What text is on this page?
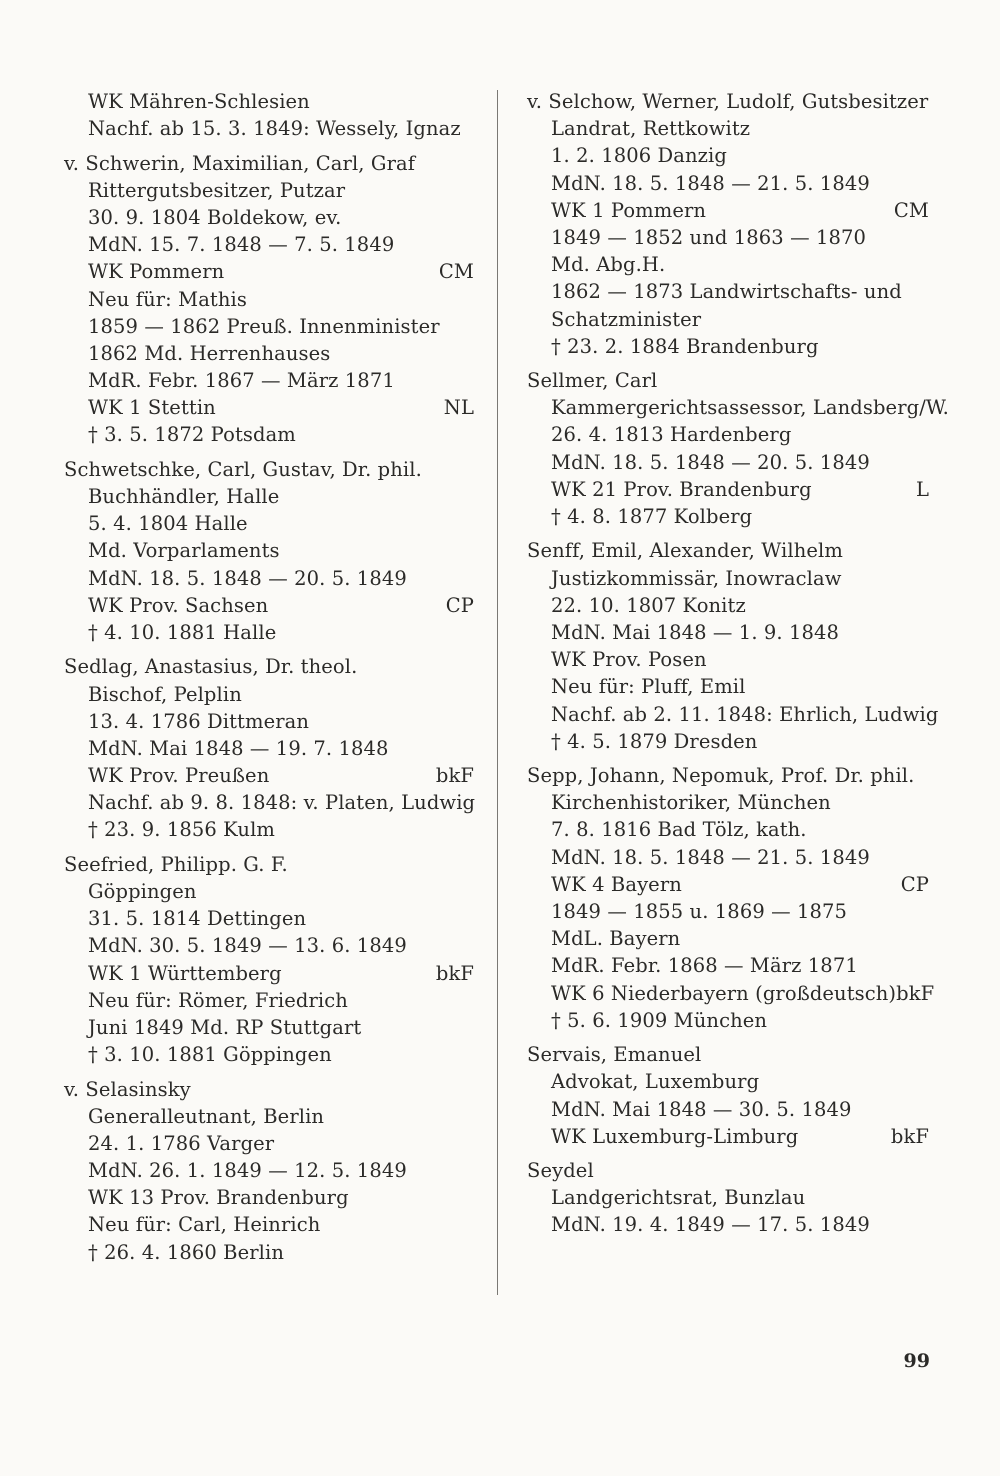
WK Mähren-Schlesien
Nachf. ab 15. 3. 1849: Wessely, Ignaz
v. Schwerin, Maximilian, Carl, Graf
Rittergutsbesitzer, Putzar
30. 9. 1804 Boldekow, ev.
MdN. 15. 7. 1848 — 7. 5. 1849
WK Pommern	CM
Neu für: Mathis
1859 — 1862 Preuß. Innenminister
1862 Md. Herrenhauses
MdR. Febr. 1867 — März 1871
WK 1 Stettin	NL
† 3. 5. 1872 Potsdam
Schwetschke, Carl, Gustav, Dr. phil.
Buchhändler, Halle
5. 4. 1804 Halle
Md. Vorparlaments
MdN. 18. 5. 1848 — 20. 5. 1849
WK Prov. Sachsen	CP
† 4. 10. 1881 Halle
Sedlag, Anastasius, Dr. theol.
Bischof, Pelplin
13. 4. 1786 Dittmeran
MdN. Mai 1848 — 19. 7. 1848
WK Prov. Preußen	bkF
Nachf. ab 9. 8. 1848: v. Platen, Ludwig
† 23. 9. 1856 Kulm
Seefried, Philipp. G. F.
Göppingen
31. 5. 1814 Dettingen
MdN. 30. 5. 1849 — 13. 6. 1849
WK 1 Württemberg	bkF
Neu für: Römer, Friedrich
Juni 1849 Md. RP Stuttgart
† 3. 10. 1881 Göppingen
v. Selasinsky
Generalleutnant, Berlin
24. 1. 1786 Varger
MdN. 26. 1. 1849 — 12. 5. 1849
WK 13 Prov. Brandenburg
Neu für: Carl, Heinrich
† 26. 4. 1860 Berlin
v. Selchow, Werner, Ludolf, Gutsbesitzer
Landrat, Rettkowitz
1. 2. 1806 Danzig
MdN. 18. 5. 1848 — 21. 5. 1849
WK 1 Pommern	CM
1849 — 1852 und 1863 — 1870
Md. Abg.H.
1862 — 1873 Landwirtschafts- und
Schatzminister
† 23. 2. 1884 Brandenburg
Sellmer, Carl
Kammergerichtsassessor, Landsberg/W.
26. 4. 1813 Hardenberg
MdN. 18. 5. 1848 — 20. 5. 1849
WK 21 Prov. Brandenburg	L
† 4. 8. 1877 Kolberg
Senff, Emil, Alexander, Wilhelm
Justizkommissär, Inowraclaw
22. 10. 1807 Konitz
MdN. Mai 1848 — 1. 9. 1848
WK Prov. Posen
Neu für: Pluff, Emil
Nachf. ab 2. 11. 1848: Ehrlich, Ludwig
† 4. 5. 1879 Dresden
Sepp, Johann, Nepomuk, Prof. Dr. phil.
Kirchenhistoriker, München
7. 8. 1816 Bad Tölz, kath.
MdN. 18. 5. 1848 — 21. 5. 1849
WK 4 Bayern	CP
1849 — 1855 u. 1869 — 1875
MdL. Bayern
MdR. Febr. 1868 — März 1871
WK 6 Niederbayern (großdeutsch) bkF
† 5. 6. 1909 München
Servais, Emanuel
Advokat, Luxemburg
MdN. Mai 1848 — 30. 5. 1849
WK Luxemburg-Limburg	bkF
Seydel
Landgerichtsrat, Bunzlau
MdN. 19. 4. 1849 — 17. 5. 1849
99
